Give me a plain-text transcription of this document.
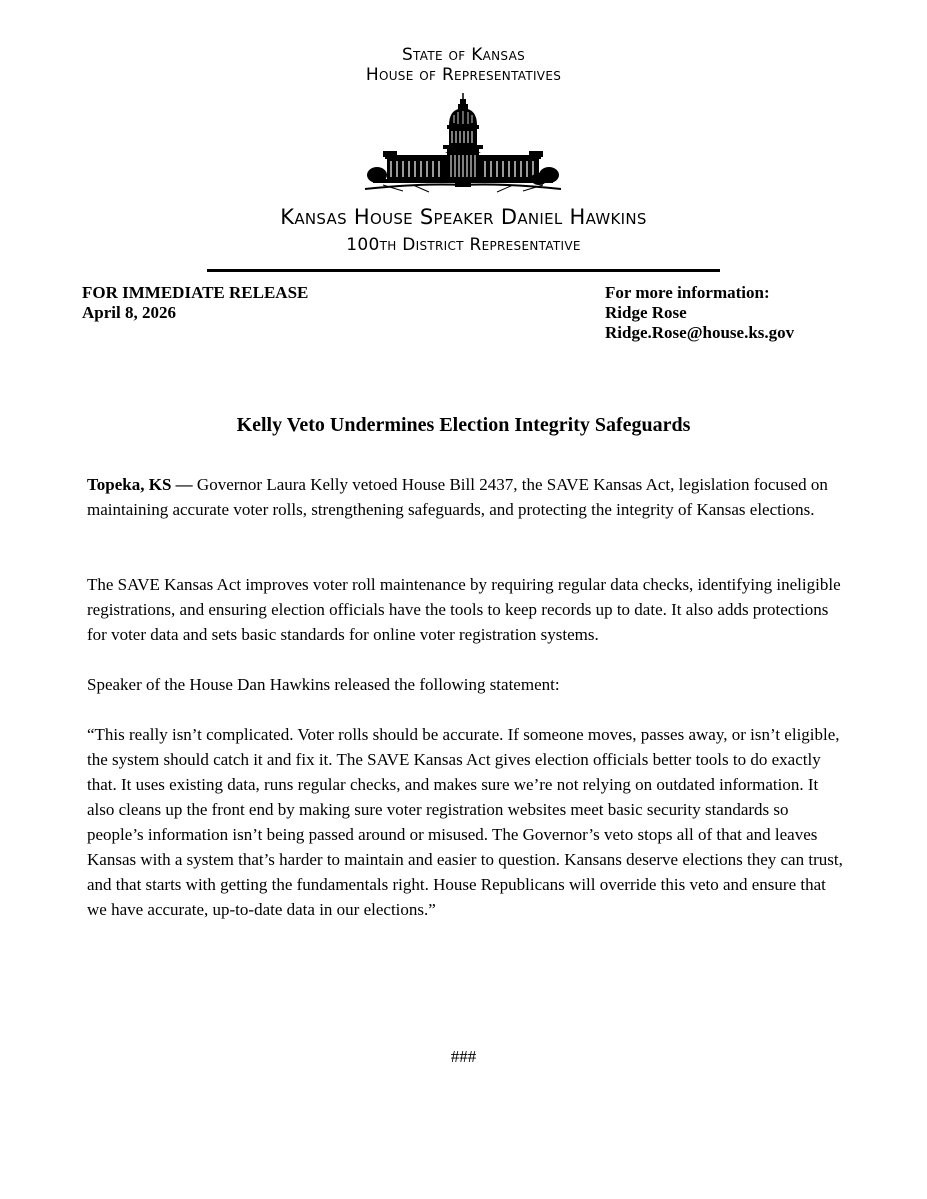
State of Kansas
House of Representatives
Kansas House Speaker Daniel Hawkins
100th District Representative
FOR IMMEDIATE RELEASE
April 8, 2026
For more information:
Ridge Rose
Ridge.Rose@house.ks.gov
Kelly Veto Undermines Election Integrity Safeguards
Topeka, KS — Governor Laura Kelly vetoed House Bill 2437, the SAVE Kansas Act, legislation focused on maintaining accurate voter rolls, strengthening safeguards, and protecting the integrity of Kansas elections.
The SAVE Kansas Act improves voter roll maintenance by requiring regular data checks, identifying ineligible registrations, and ensuring election officials have the tools to keep records up to date. It also adds protections for voter data and sets basic standards for online voter registration systems.
Speaker of the House Dan Hawkins released the following statement:
“This really isn’t complicated. Voter rolls should be accurate. If someone moves, passes away, or isn’t eligible, the system should catch it and fix it. The SAVE Kansas Act gives election officials better tools to do exactly that. It uses existing data, runs regular checks, and makes sure we’re not relying on outdated information. It also cleans up the front end by making sure voter registration websites meet basic security standards so people’s information isn’t being passed around or misused. The Governor’s veto stops all of that and leaves Kansas with a system that’s harder to maintain and easier to question. Kansans deserve elections they can trust, and that starts with getting the fundamentals right. House Republicans will override this veto and ensure that we have accurate, up-to-date data in our elections.”
###
